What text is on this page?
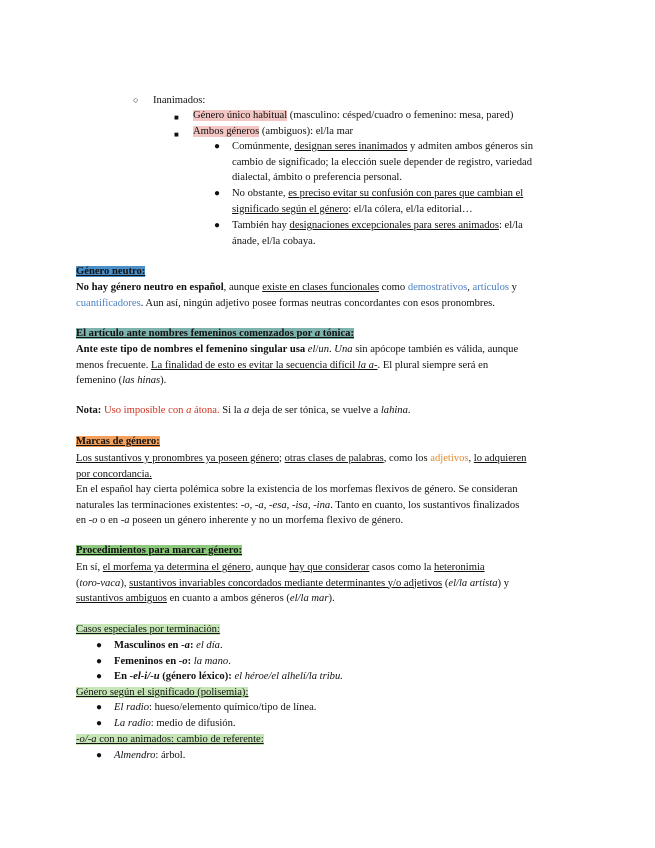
○ Inanimados:
■ Género único habitual (masculino: césped/cuadro o femenino: mesa, pared)
■ Ambos géneros (ambiguos): el/la mar
● Comúnmente, designan seres inanimados y admiten ambos géneros sin
cambio de significado; la elección suele depender de registro, variedad
dialectal, ámbito o preferencia personal.
● No obstante, es preciso evitar su confusión con pares que cambian el
significado según el género: el/la cólera, el/la editorial…
● También hay designaciones excepcionales para seres animados: el/la
ánade, el/la cobaya.
Género neutro:
No hay género neutro en español, aunque existe en clases funcionales como demostrativos, artículos y
cuantificadores. Aun así, ningún adjetivo posee formas neutras concordantes con esos pronombres.
El artículo ante nombres femeninos comenzados por a tónica:
Ante este tipo de nombres el femenino singular usa el/un. Una sin apócope también es válida, aunque
menos frecuente. La finalidad de esto es evitar la secuencia difícil la a-. El plural siempre será en
femenino (las hinas).
Nota: Uso imposible con a átona. Si la a deja de ser tónica, se vuelve a lahina.
Marcas de género:
Los sustantivos y pronombres ya poseen género; otras clases de palabras, como los adjetivos, lo adquieren
por concordancia.
En el español hay cierta polémica sobre la existencia de los morfemas flexivos de género. Se consideran
naturales las terminaciones existentes: -o, -a, -esa, -isa, -ina. Tanto en cuanto, los sustantivos finalizados
en -o o en -a poseen un género inherente y no un morfema flexivo de género.
Procedimientos para marcar género:
En sí, el morfema ya determina el género, aunque hay que considerar casos como la heteronimia
(toro-vaca), sustantivos invariables concordados mediante determinantes y/o adjetivos (el/la artista) y
sustantivos ambiguos en cuanto a ambos géneros (el/la mar).
Casos especiales por terminación:
● Masculinos en -a: el día.
● Femeninos en -o: la mano.
● En -el-i/-u (género léxico): el héroe/el alhelí/la tribu.
Género según el significado (polisemia):
● El radio: hueso/elemento químico/tipo de línea.
● La radio: medio de difusión.
-o/-a con no animados: cambio de referente:
● Almendro: árbol.
